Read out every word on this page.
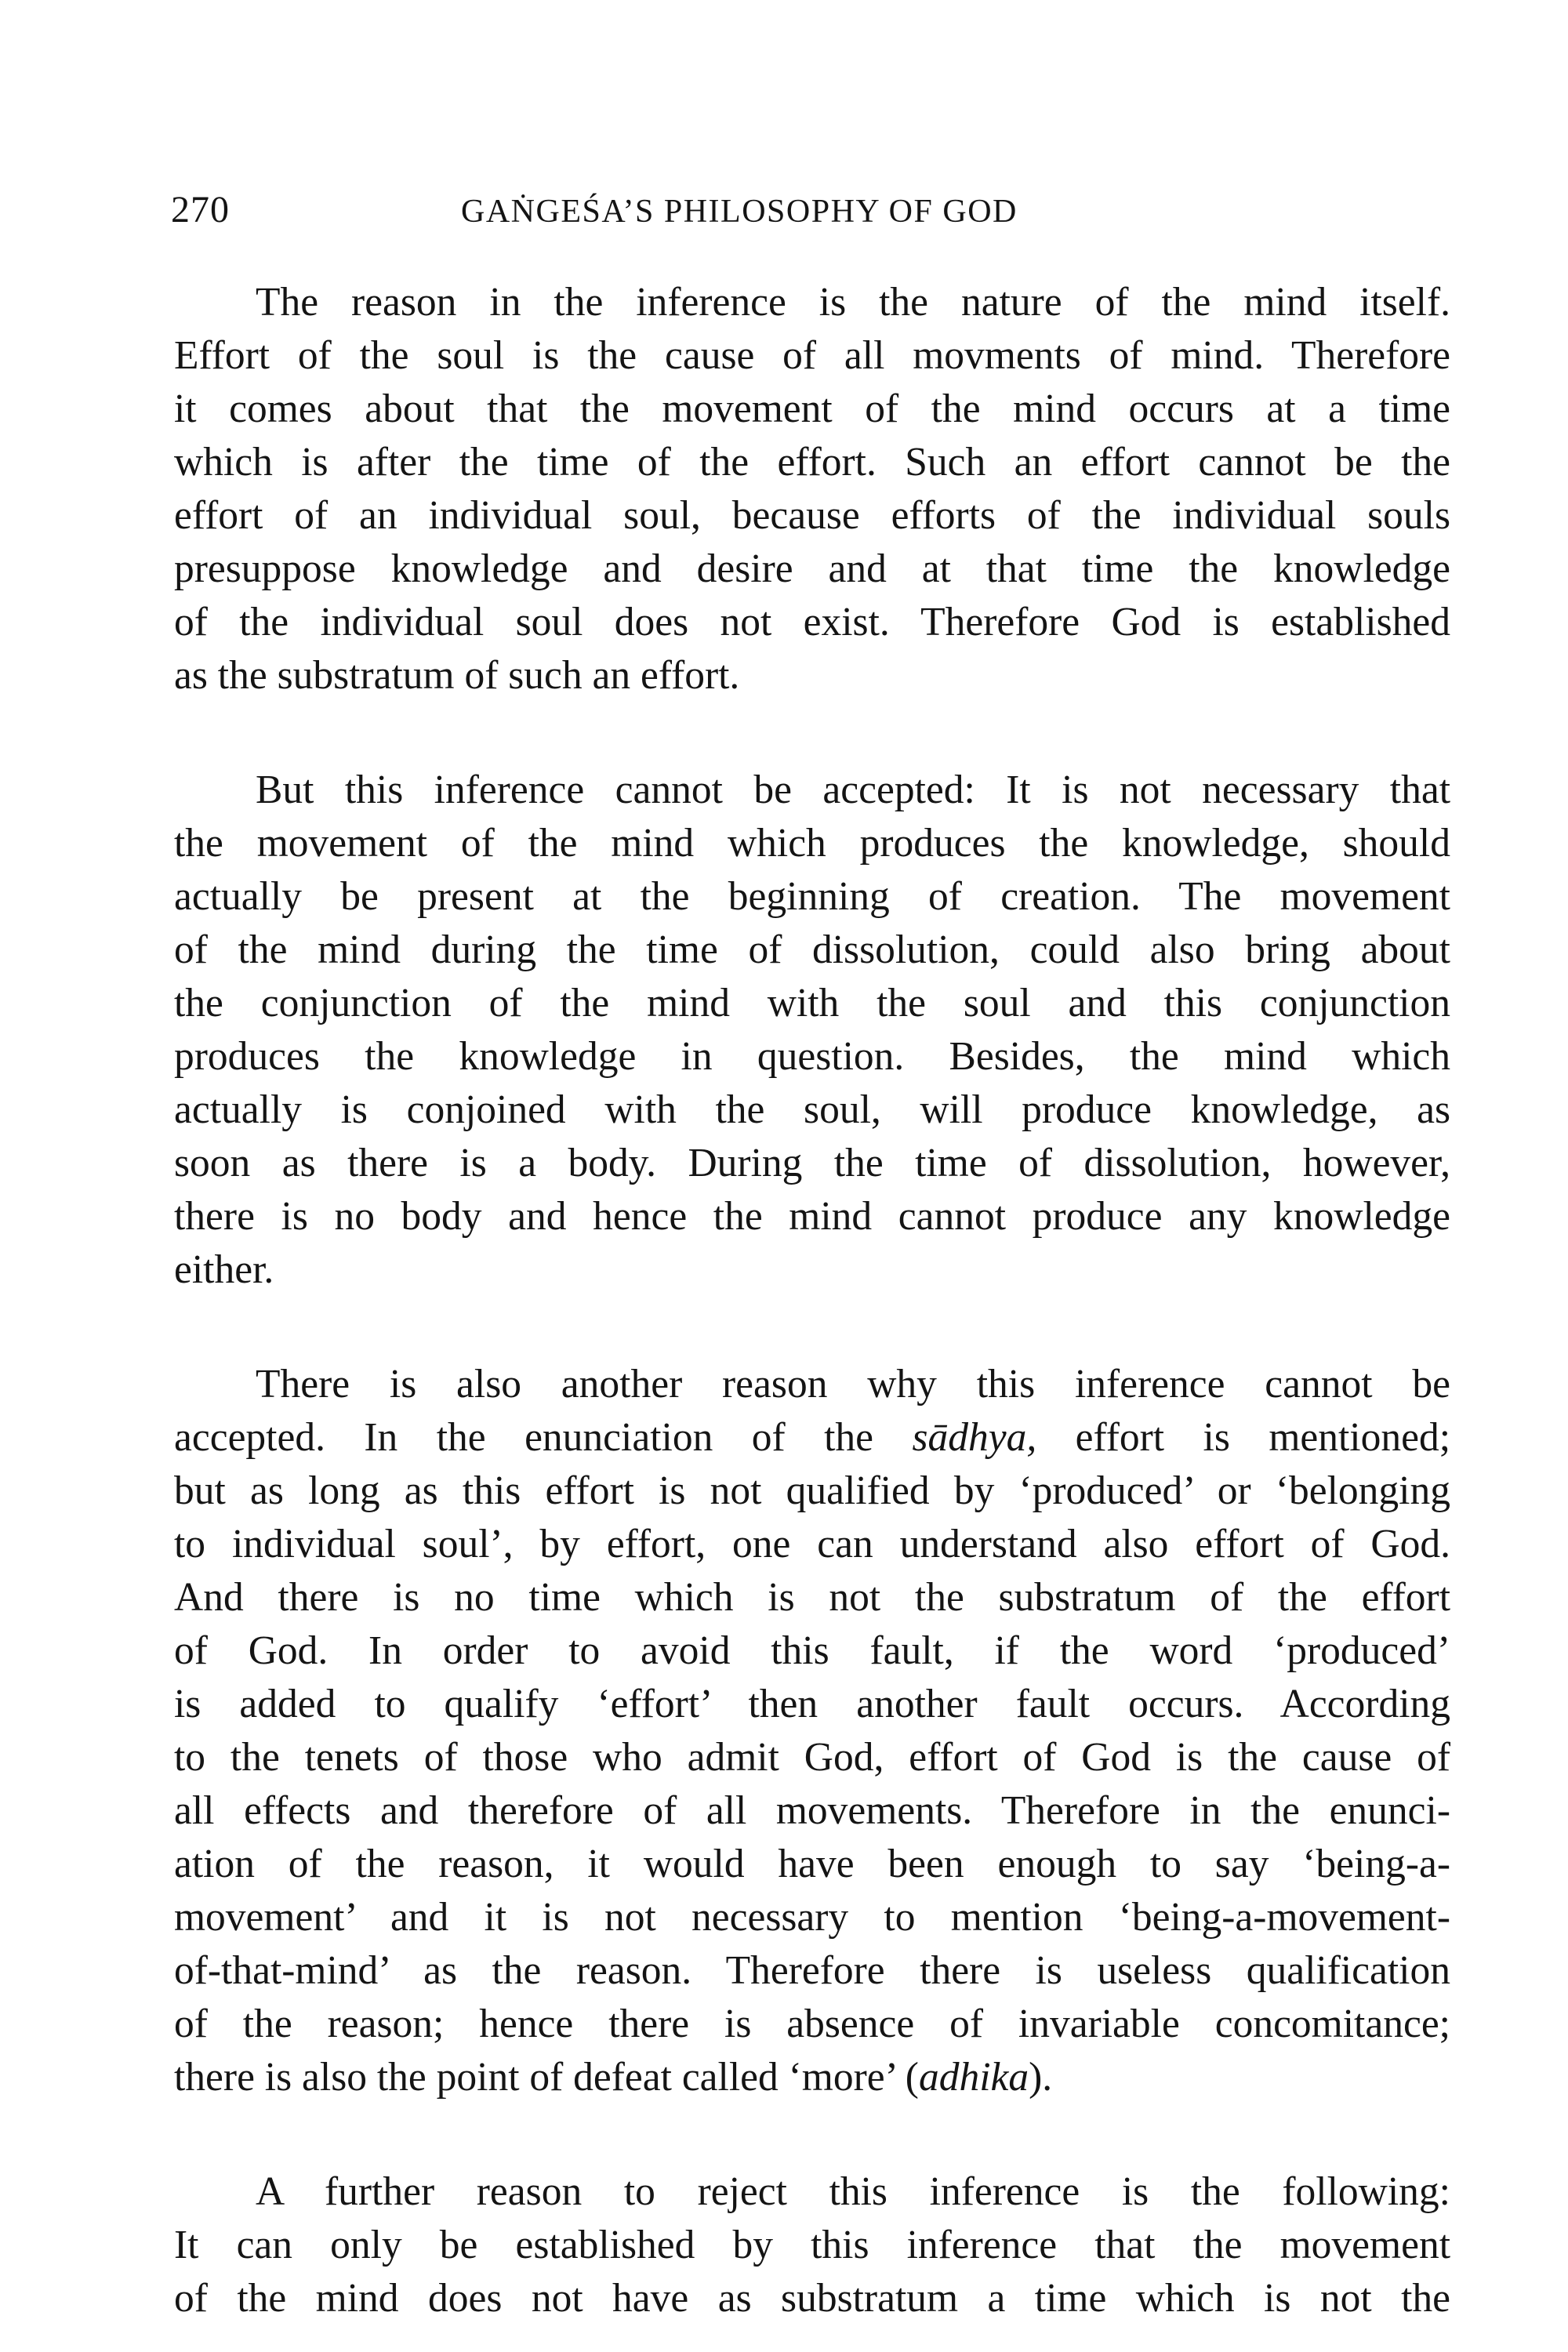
270	GAṄGEŚA’S PHILOSOPHY OF GOD
The reason in the inference is the nature of the mind itself.
Effort of the soul is the cause of all movments of mind. Therefore
it comes about that the movement of the mind occurs at a time
which is after the time of the effort. Such an effort cannot be the
effort of an individual soul, because efforts of the individual souls
presuppose knowledge and desire and at that time the knowledge
of the individual soul does not exist. Therefore God is established
as the substratum of such an effort.
But this inference cannot be accepted: It is not necessary that
the movement of the mind which produces the knowledge, should
actually be present at the beginning of creation. The movement
of the mind during the time of dissolution, could also bring about
the conjunction of the mind with the soul and this conjunction
produces the knowledge in question. Besides, the mind which
actually is conjoined with the soul, will produce knowledge, as
soon as there is a body. During the time of dissolution, however,
there is no body and hence the mind cannot produce any knowledge
either.
There is also another reason why this inference cannot be
accepted. In the enunciation of the sādhya, effort is mentioned;
but as long as this effort is not qualified by ‘produced’ or ‘belonging
to individual soul’, by effort, one can understand also effort of God.
And there is no time which is not the substratum of the effort
of God. In order to avoid this fault, if the word ‘produced’
is added to qualify ‘effort’ then another fault occurs. According
to the tenets of those who admit God, effort of God is the cause of
all effects and therefore of all movements. Therefore in the enunci-
ation of the reason, it would have been enough to say ‘being-a-
movement’ and it is not necessary to mention ‘being-a-movement-
of-that-mind’ as the reason. Therefore there is useless qualification
of the reason; hence there is absence of invariable concomitance;
there is also the point of defeat called ‘more’ (adhika).
A further reason to reject this inference is the following:
It can only be established by this inference that the movement
of the mind does not have as substratum a time which is not the
